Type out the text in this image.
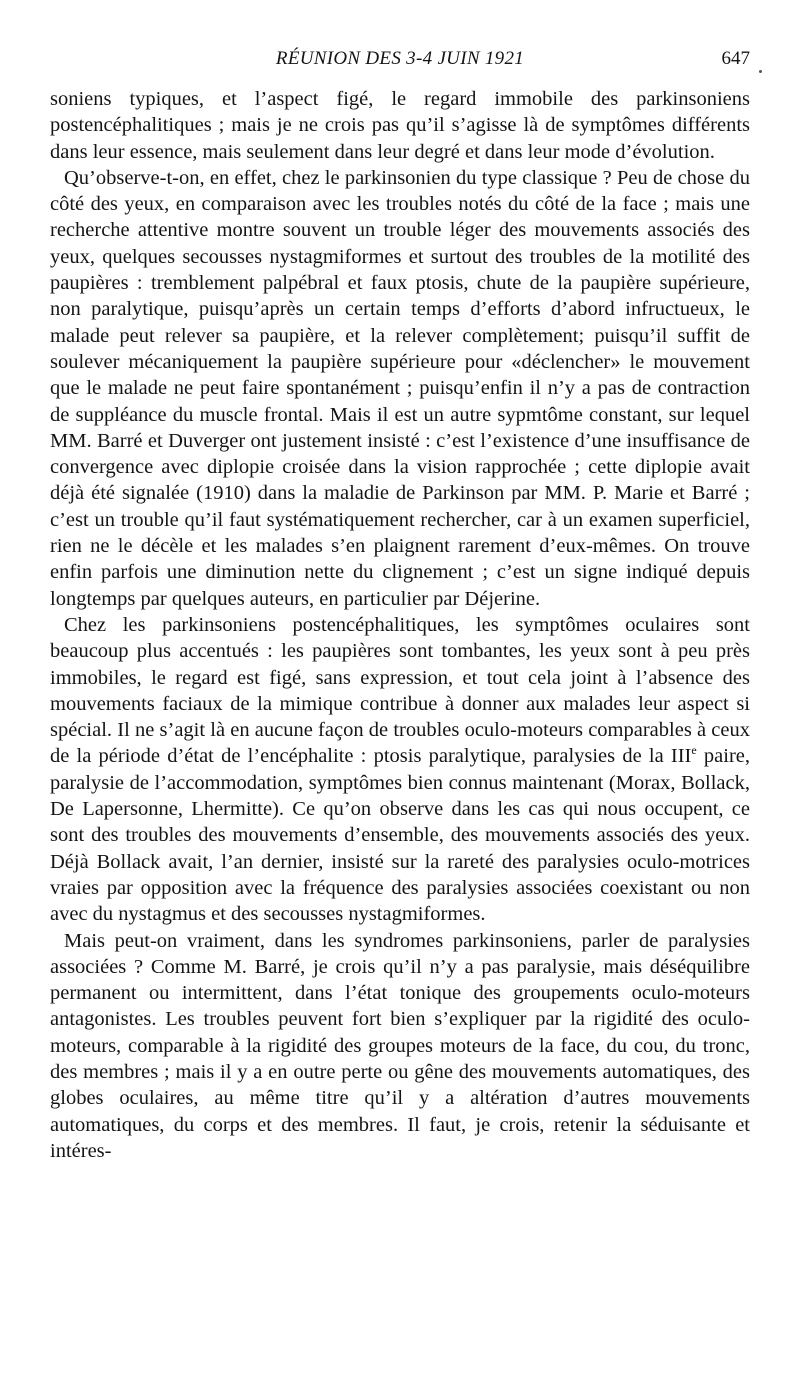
RÉUNION DES 3-4 JUIN 1921	647

soniens typiques, et l’aspect figé, le regard immobile des parkinsoniens postencéphalitiques ; mais je ne crois pas qu’il s’agisse là de symptômes différents dans leur essence, mais seulement dans leur degré et dans leur mode d’évolution.

Qu’observe-t-on, en effet, chez le parkinsonien du type classique ? Peu de chose du côté des yeux, en comparaison avec les troubles notés du côté de la face ; mais une recherche attentive montre souvent un trouble léger des mouvements associés des yeux, quelques secousses nystagmiformes et surtout des troubles de la motilité des paupières : tremblement palpébral et faux ptosis, chute de la paupière supérieure, non paralytique, puisqu’après un certain temps d’efforts d’abord infructueux, le malade peut relever sa paupière, et la relever complètement; puisqu’il suffit de soulever mécaniquement la paupière supérieure pour «déclencher» le mouvement que le malade ne peut faire spontanément ; puisqu’enfin il n’y a pas de contraction de suppléance du muscle frontal. Mais il est un autre sypmtôme constant, sur lequel MM. Barré et Duverger ont justement insisté : c’est l’existence d’une insuffisance de convergence avec diplopie croisée dans la vision rapprochée ; cette diplopie avait déjà été signalée (1910) dans la maladie de Parkinson par MM. P. Marie et Barré ; c’est un trouble qu’il faut systématiquement rechercher, car à un examen superficiel, rien ne le décèle et les malades s’en plaignent rarement d’eux-mêmes. On trouve enfin parfois une diminution nette du clignement ; c’est un signe indiqué depuis longtemps par quelques auteurs, en particulier par Déjerine.

Chez les parkinsoniens postencéphalitiques, les symptômes oculaires sont beaucoup plus accentués : les paupières sont tombantes, les yeux sont à peu près immobiles, le regard est figé, sans expression, et tout cela joint à l’absence des mouvements faciaux de la mimique contribue à donner aux malades leur aspect si spécial. Il ne s’agit là en aucune façon de troubles oculo-moteurs comparables à ceux de la période d’état de l’encéphalite : ptosis paralytique, paralysies de la IIIe paire, paralysie de l’accommodation, symptômes bien connus maintenant (Morax, Bollack, De Lapersonne, Lhermitte). Ce qu’on observe dans les cas qui nous occupent, ce sont des troubles des mouvements d’ensemble, des mouvements associés des yeux. Déjà Bollack avait, l’an dernier, insisté sur la rareté des paralysies oculo-motrices vraies par opposition avec la fréquence des paralysies associées coexistant ou non avec du nystagmus et des secousses nystagmiformes.

Mais peut-on vraiment, dans les syndromes parkinsoniens, parler de paralysies associées ? Comme M. Barré, je crois qu’il n’y a pas paralysie, mais déséquilibre permanent ou intermittent, dans l’état tonique des groupements oculo-moteurs antagonistes. Les troubles peuvent fort bien s’expliquer par la rigidité des oculo-moteurs, comparable à la rigidité des groupes moteurs de la face, du cou, du tronc, des membres ; mais il y a en outre perte ou gêne des mouvements automatiques, des globes oculaires, au même titre qu’il y a altération d’autres mouvements automatiques, du corps et des membres. Il faut, je crois, retenir la séduisante et intéres-
